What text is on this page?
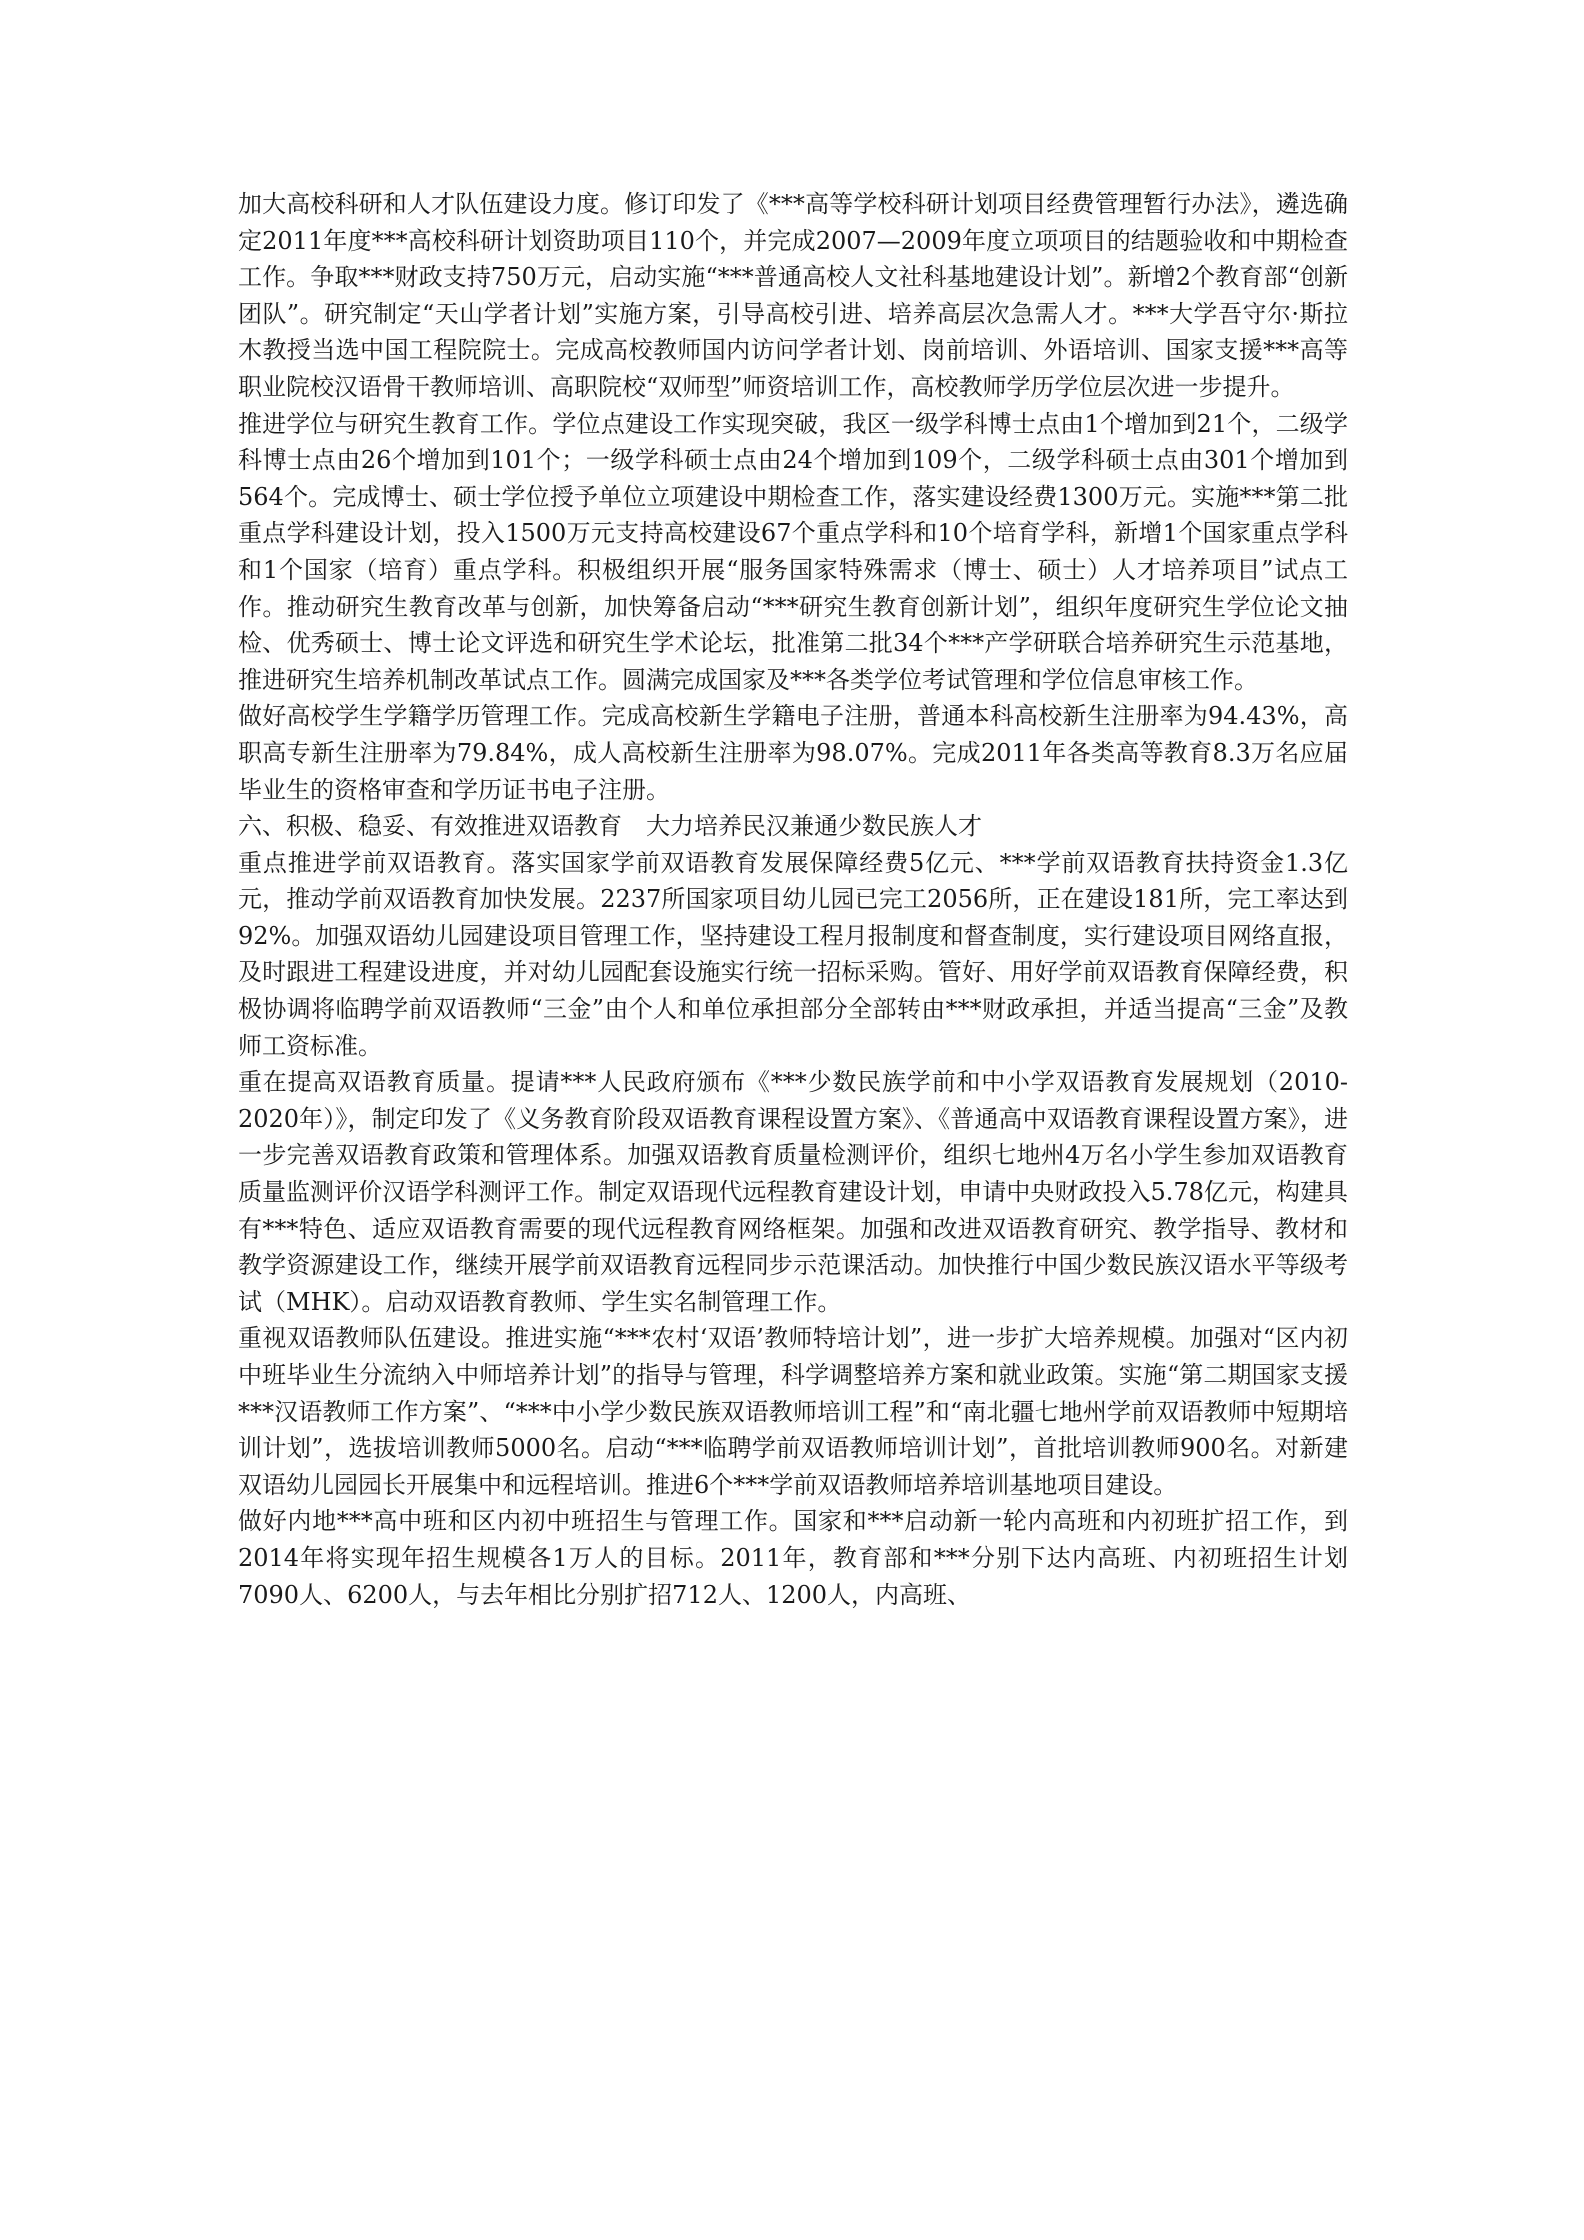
加大高校科研和人才队伍建设力度。修订印发了《***高等学校科研计划项目经费管理暂行办法》，遴选确定2011年度***高校科研计划资助项目110个，并完成2007—2009年度立项项目的结题验收和中期检查工作。争取***财政支持750万元，启动实施“***普通高校人文社科基地建设计划”。新增2个教育部“创新团队”。研究制定“天山学者计划”实施方案，引导高校引进、培养高层次急需人才。***大学吾守尔·斯拉木教授当选中国工程院院士。完成高校教师国内访问学者计划、岗前培训、外语培训、国家支援***高等职业院校汉语骨干教师培训、高职院校“双师型”师资培训工作，高校教师学历学位层次进一步提升。

推进学位与研究生教育工作。学位点建设工作实现突破，我区一级学科博士点由1个增加到21个，二级学科博士点由26个增加到101个；一级学科硕士点由24个增加到109个，二级学科硕士点由301个增加到564个。完成博士、硕士学位授予单位立项建设中期检查工作，落实建设经费1300万元。实施***第二批重点学科建设计划，投入1500万元支持高校建设67个重点学科和10个培育学科，新增1个国家重点学科和1个国家（培育）重点学科。积极组织开展“服务国家特殊需求（博士、硕士）人才培养项目”试点工作。推动研究生教育改革与创新，加快筹备启动“***研究生教育创新计划”，组织年度研究生学位论文抽检、优秀硕士、博士论文评选和研究生学术论坛，批准第二批34个***产学研联合培养研究生示范基地，推进研究生培养机制改革试点工作。圆满完成国家及***各类学位考试管理和学位信息审核工作。

做好高校学生学籍学历管理工作。完成高校新生学籍电子注册，普通本科高校新生注册率为94.43%，高职高专新生注册率为79.84%，成人高校新生注册率为98.07%。完成2011年各类高等教育8.3万名应届毕业生的资格审查和学历证书电子注册。

六、积极、稳妥、有效推进双语教育　大力培养民汉兼通少数民族人才

重点推进学前双语教育。落实国家学前双语教育发展保障经费5亿元、***学前双语教育扶持资金1.3亿元，推动学前双语教育加快发展。2237所国家项目幼儿园已完工2056所，正在建设181所，完工率达到92%。加强双语幼儿园建设项目管理工作，坚持建设工程月报制度和督查制度，实行建设项目网络直报，及时跟进工程建设进度，并对幼儿园配套设施实行统一招标采购。管好、用好学前双语教育保障经费，积极协调将临聘学前双语教师“三金”由个人和单位承担部分全部转由***财政承担，并适当提高“三金”及教师工资标准。

重在提高双语教育质量。提请***人民政府颁布《***少数民族学前和中小学双语教育发展规划（2010-2020年）》，制定印发了《义务教育阶段双语教育课程设置方案》、《普通高中双语教育课程设置方案》，进一步完善双语教育政策和管理体系。加强双语教育质量检测评价，组织七地州4万名小学生参加双语教育质量监测评价汉语学科测评工作。制定双语现代远程教育建设计划，申请中央财政投入5.78亿元，构建具有***特色、适应双语教育需要的现代远程教育网络框架。加强和改进双语教育研究、教学指导、教材和教学资源建设工作，继续开展学前双语教育远程同步示范课活动。加快推行中国少数民族汉语水平等级考试（MHK）。启动双语教育教师、学生实名制管理工作。

重视双语教师队伍建设。推进实施“***农村‘双语’教师特培计划”，进一步扩大培养规模。加强对“区内初中班毕业生分流纳入中师培养计划”的指导与管理，科学调整培养方案和就业政策。实施“第二期国家支援***汉语教师工作方案”、“***中小学少数民族双语教师培训工程”和“南北疆七地州学前双语教师中短期培训计划”，选拔培训教师5000名。启动“***临聘学前双语教师培训计划”，首批培训教师900名。对新建双语幼儿园园长开展集中和远程培训。推进6个***学前双语教师培养培训基地项目建设。

做好内地***高中班和区内初中班招生与管理工作。国家和***启动新一轮内高班和内初班扩招工作，到2014年将实现年招生规模各1万人的目标。2011年，教育部和***分别下达内高班、内初班招生计划7090人、6200人，与去年相比分别扩招712人、1200人，内高班、
